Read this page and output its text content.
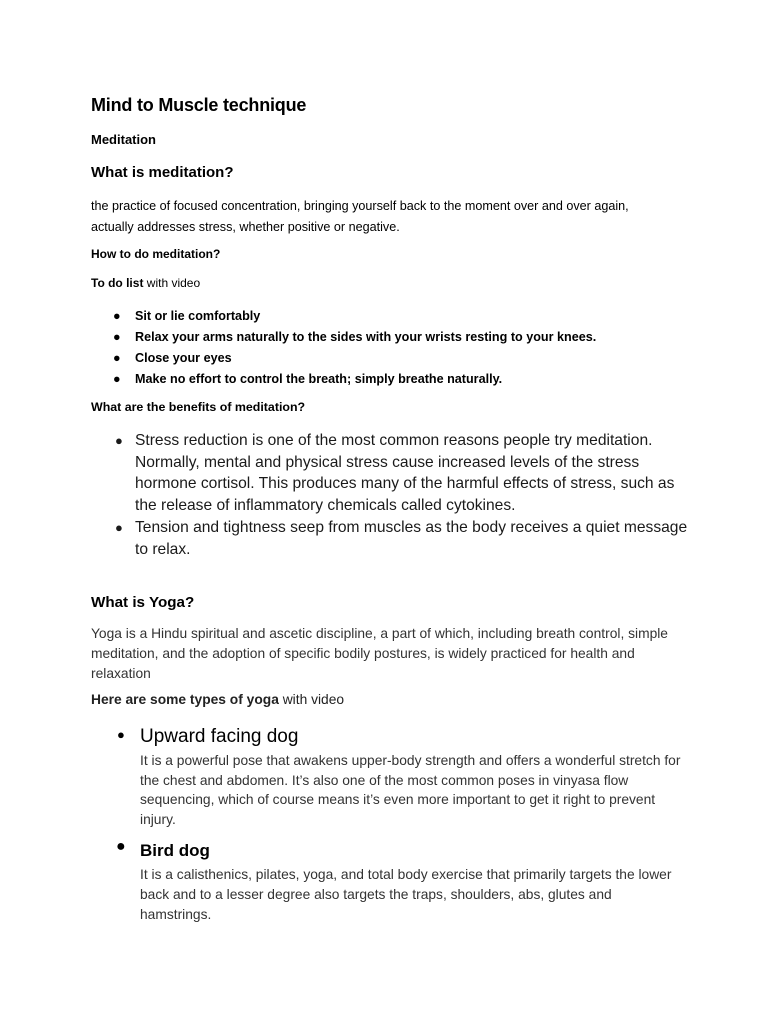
Mind to Muscle technique
Meditation
What is meditation?

the practice of focused concentration, bringing yourself back to the moment over and over again, actually addresses stress, whether positive or negative.

How to do meditation?
To do list with video
● Sit or lie comfortably
● Relax your arms naturally to the sides with your wrists resting to your knees.
● Close your eyes
● Make no effort to control the breath; simply breathe naturally.
What are the benefits of meditation?
● Stress reduction is one of the most common reasons people try meditation. Normally, mental and physical stress cause increased levels of the stress hormone cortisol. This produces many of the harmful effects of stress, such as the release of inflammatory chemicals called cytokines.
● Tension and tightness seep from muscles as the body receives a quiet message to relax.
What is Yoga?

Yoga is a Hindu spiritual and ascetic discipline, a part of which, including breath control, simple meditation, and the adoption of specific bodily postures, is widely practiced for health and relaxation

Here are some types of yoga with video
● Upward facing dog
It is a powerful pose that awakens upper-body strength and offers a wonderful stretch for the chest and abdomen. It’s also one of the most common poses in vinyasa flow sequencing, which of course means it’s even more important to get it right to prevent injury.
● Bird dog
It is a calisthenics, pilates, yoga, and total body exercise that primarily targets the lower back and to a lesser degree also targets the traps, shoulders, abs, glutes and hamstrings.
